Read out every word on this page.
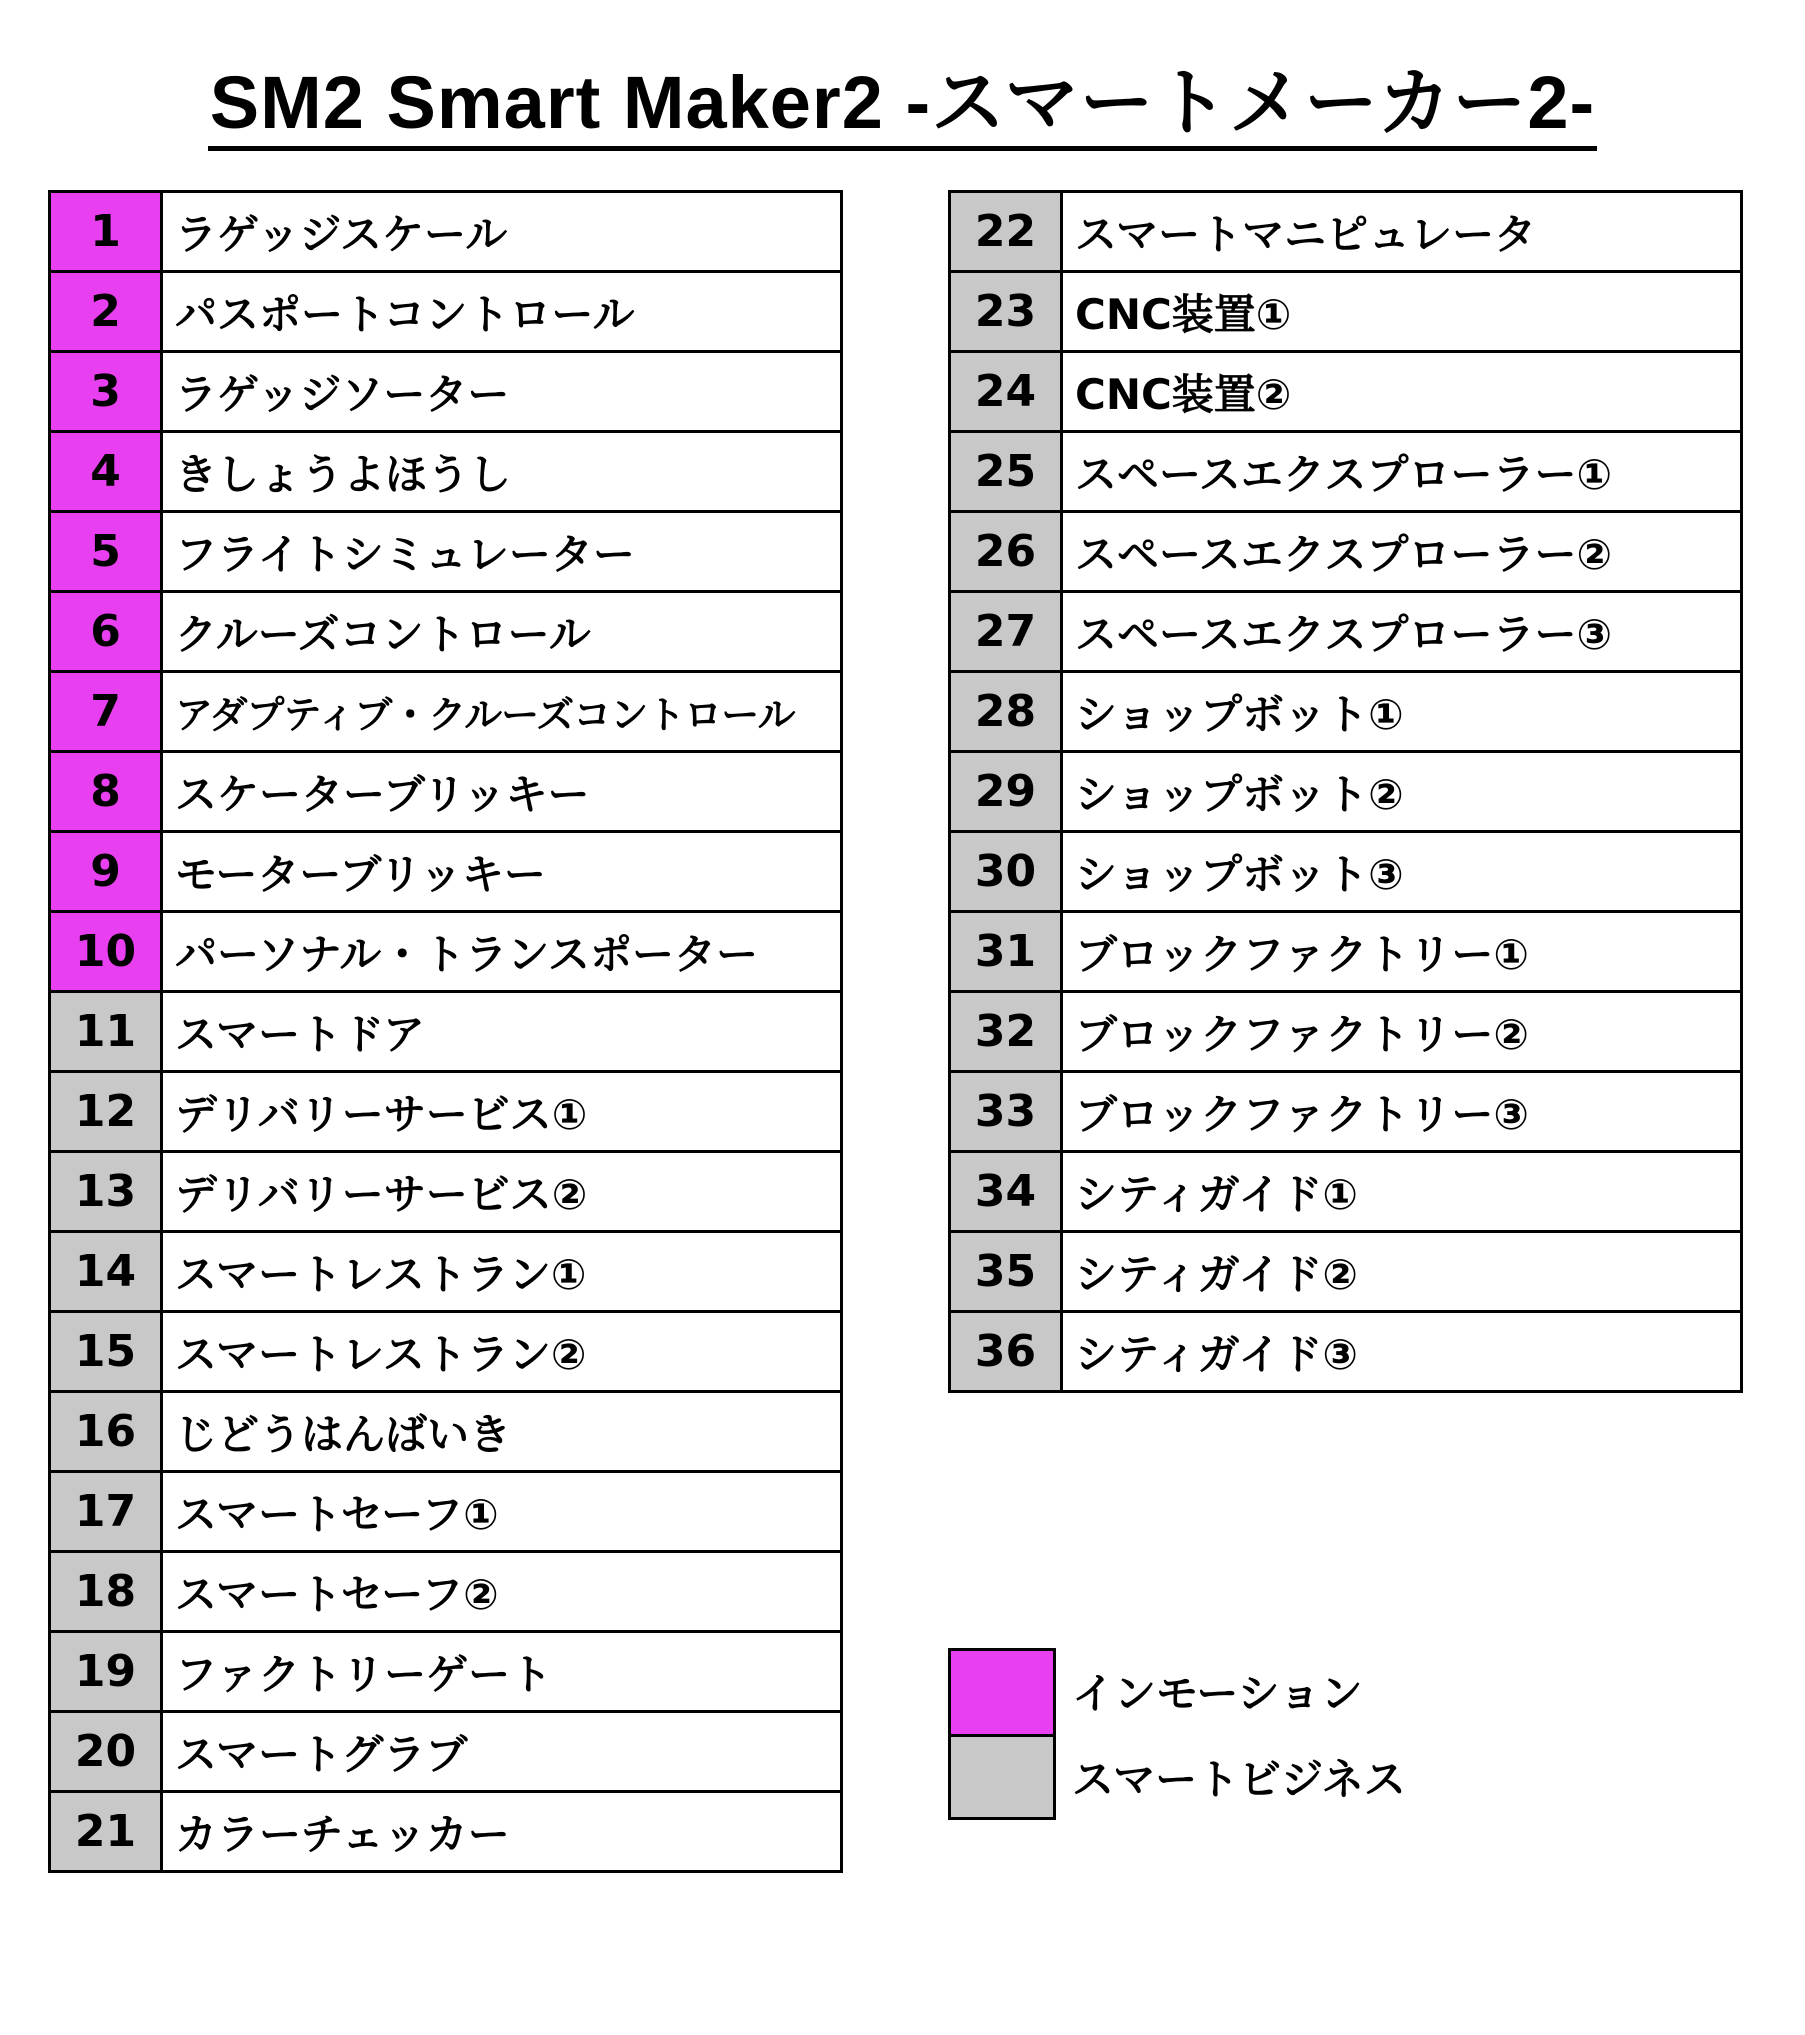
SM2 Smart Maker2 -スマートメーカー2-
1	ラゲッジスケール
2	パスポートコントロール
3	ラゲッジソーター
4	きしょうよほうし
5	フライトシミュレーター
6	クルーズコントロール
7	アダプティブ・クルーズコントロール
8	スケーターブリッキー
9	モーターブリッキー
10	パーソナル・トランスポーター
11	スマートドア
12	デリバリーサービス①
13	デリバリーサービス②
14	スマートレストラン①
15	スマートレストラン②
16	じどうはんばいき
17	スマートセーフ①
18	スマートセーフ②
19	ファクトリーゲート
20	スマートグラブ
21	カラーチェッカー
22	スマートマニピュレータ
23	CNC装置①
24	CNC装置②
25	スペースエクスプローラー①
26	スペースエクスプローラー②
27	スペースエクスプローラー③
28	ショップボット①
29	ショップボット②
30	ショップボット③
31	ブロックファクトリー①
32	ブロックファクトリー②
33	ブロックファクトリー③
34	シティガイド①
35	シティガイド②
36	シティガイド③
インモーション
スマートビジネス
